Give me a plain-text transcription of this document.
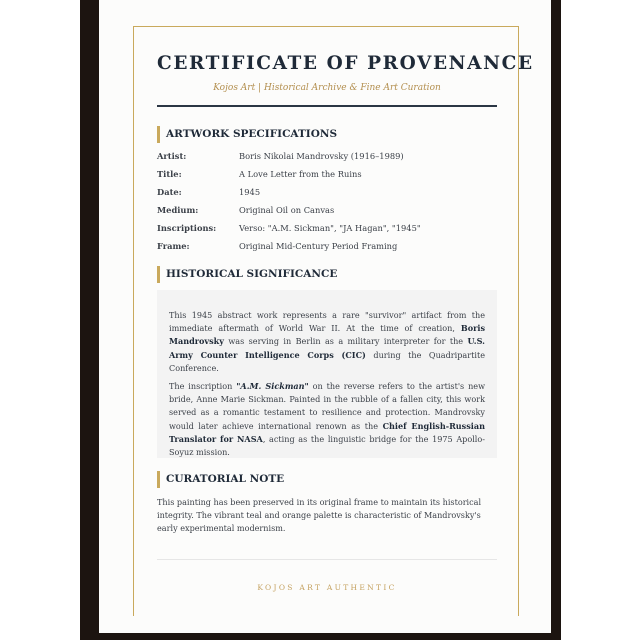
CERTIFICATE OF PROVENANCE
Kojos Art | Historical Archive & Fine Art Curation
ARTWORK SPECIFICATIONS
Artist:	Boris Nikolai Mandrovsky (1916–1989)
Title:	A Love Letter from the Ruins
Date:	1945
Medium:	Original Oil on Canvas
Inscriptions:	Verso: "A.M. Sickman", "JA Hagan", "1945"
Frame:	Original Mid-Century Period Framing
HISTORICAL SIGNIFICANCE

This 1945 abstract work represents a rare "survivor" artifact from the immediate aftermath of World War II. At the time of creation, Boris Mandrovsky was serving in Berlin as a military interpreter for the U.S. Army Counter Intelligence Corps (CIC) during the Quadripartite Conference.

The inscription "A.M. Sickman" on the reverse refers to the artist's new bride, Anne Marie Sickman. Painted in the rubble of a fallen city, this work served as a romantic testament to resilience and protection. Mandrovsky would later achieve international renown as the Chief English-Russian Translator for NASA, acting as the linguistic bridge for the 1975 Apollo-Soyuz mission.

CURATORIAL NOTE

This painting has been preserved in its original frame to maintain its historical integrity. The vibrant teal and orange palette is characteristic of Mandrovsky's early experimental modernism.

KOJOS ART AUTHENTIC
